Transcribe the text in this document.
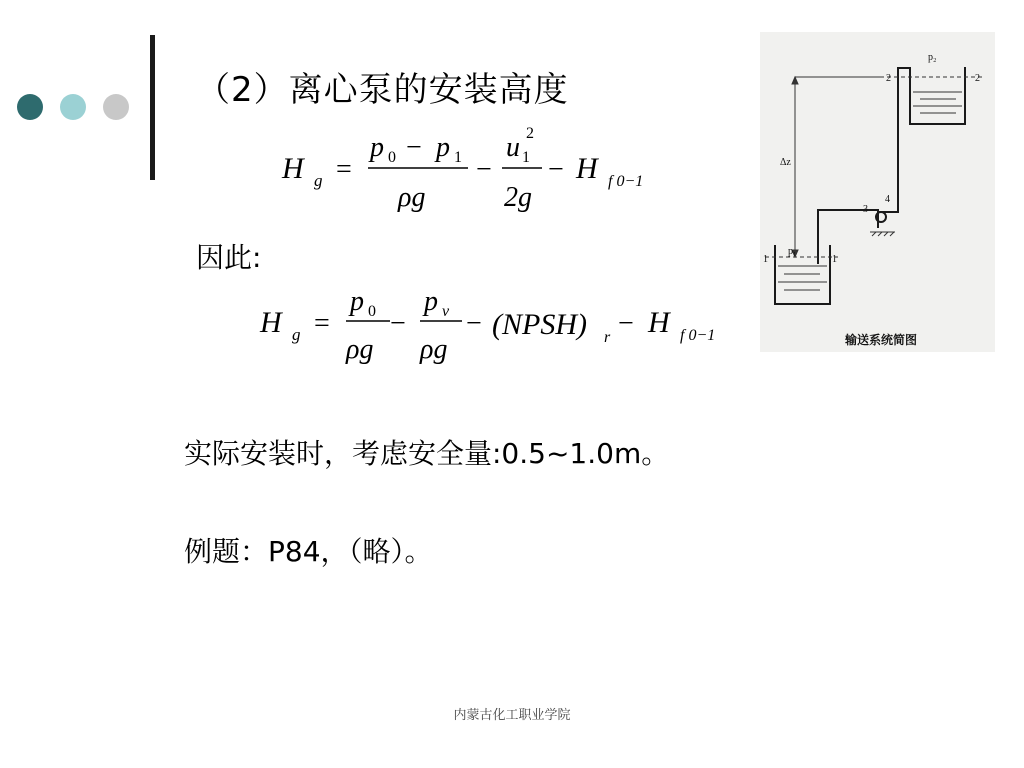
（2）离心泵的安装高度
H g =
p 0 − p 1
ρg
−
u 1
2
2g
− H f 0−1
因此:
H g =
p 0
ρg
−
p v
ρg
− (NPSH) r − H f 0−1
实际安装时，考虑安全量:0.5~1.0m。
例题：P84，（略）。
p₂
p₁
Δz
2	2
1	1
3
4
输送系统简图
内蒙古化工职业学院
